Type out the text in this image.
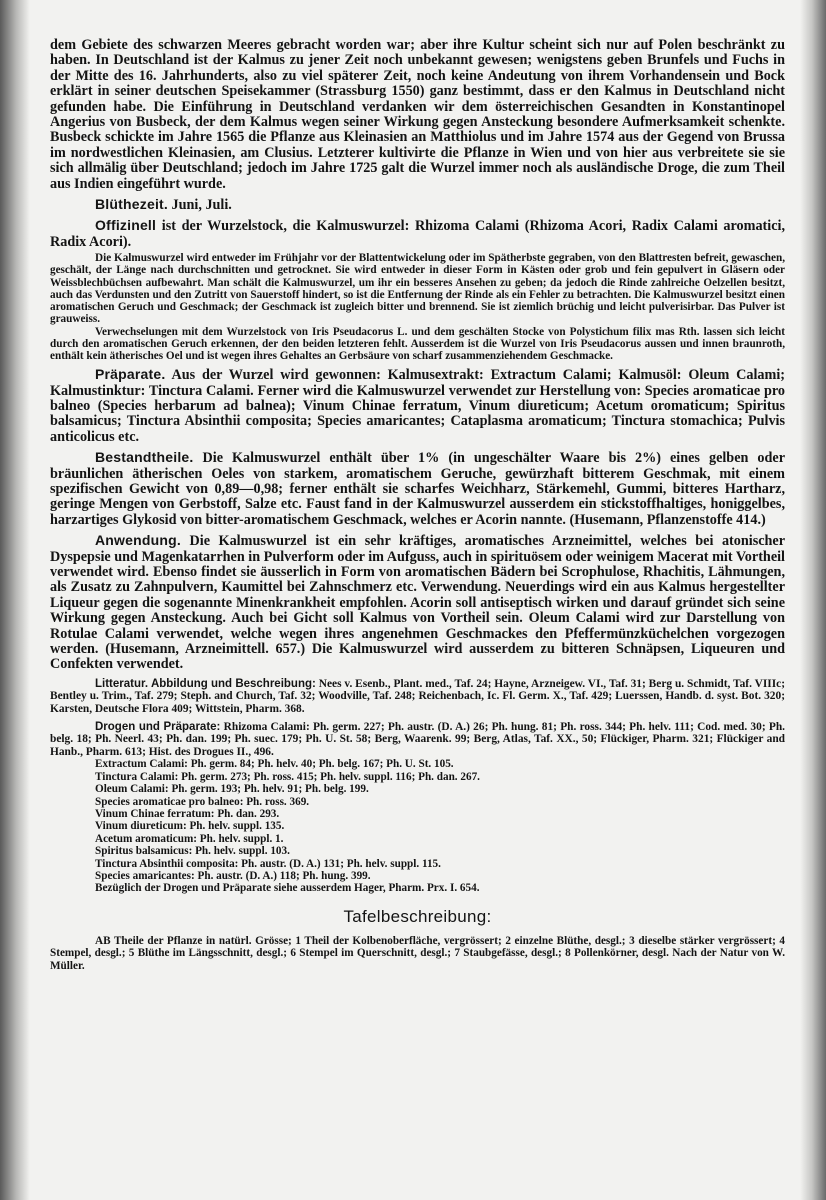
dem Gebiete des schwarzen Meeres gebracht worden war; aber ihre Kultur scheint sich nur auf Polen beschränkt zu haben. In Deutschland ist der Kalmus zu jener Zeit noch unbekannt gewesen; wenigstens geben Brunfels und Fuchs in der Mitte des 16. Jahrhunderts, also zu viel späterer Zeit, noch keine Andeutung von ihrem Vorhandensein und Bock erklärt in seiner deutschen Speisekammer (Strassburg 1550) ganz bestimmt, dass er den Kalmus in Deutschland nicht gefunden habe. Die Einführung in Deutschland verdanken wir dem österreichischen Gesandten in Konstantinopel Angerius von Busbeck, der dem Kalmus wegen seiner Wirkung gegen Ansteckung besondere Aufmerksamkeit schenkte. Busbeck schickte im Jahre 1565 die Pflanze aus Kleinasien an Matthiolus und im Jahre 1574 aus der Gegend von Brussa im nordwestlichen Kleinasien, am Clusius. Letzterer kultivirte die Pflanze in Wien und von hier aus verbreitete sie sie sich allmälig über Deutschland; jedoch im Jahre 1725 galt die Wurzel immer noch als ausländische Droge, die zum Theil aus Indien eingeführt wurde.

Blüthezeit. Juni, Juli.

Offizinell ist der Wurzelstock, die Kalmuswurzel: Rhizoma Calami (Rhizoma Acori, Radix Calami aromatici, Radix Acori).

Die Kalmuswurzel wird entweder im Frühjahr vor der Blattentwickelung oder im Spätherbste gegraben, von den Blattresten befreit, gewaschen, geschält, der Länge nach durchschnitten und getrocknet. Sie wird entweder in dieser Form in Kästen oder grob und fein gepulvert in Gläsern oder Weissblechbüchsen aufbewahrt. Man schält die Kalmuswurzel, um ihr ein besseres Ansehen zu geben; da jedoch die Rinde zahlreiche Oelzellen besitzt, auch das Verdunsten und den Zutritt von Sauerstoff hindert, so ist die Entfernung der Rinde als ein Fehler zu betrachten. Die Kalmuswurzel besitzt einen aromatischen Geruch und Geschmack; der Geschmack ist zugleich bitter und brennend. Sie ist ziemlich brüchig und leicht pulverisirbar. Das Pulver ist grauweiss.

Verwechselungen mit dem Wurzelstock von Iris Pseudacorus L. und dem geschälten Stocke von Polystichum filix mas Rth. lassen sich leicht durch den aromatischen Geruch erkennen, der den beiden letzteren fehlt. Ausserdem ist die Wurzel von Iris Pseudacorus aussen und innen braunroth, enthält kein ätherisches Oel und ist wegen ihres Gehaltes an Gerbsäure von scharf zusammenziehendem Geschmacke.

Präparate. Aus der Wurzel wird gewonnen: Kalmusextrakt: Extractum Calami; Kalmusöl: Oleum Calami; Kalmustinktur: Tinctura Calami. Ferner wird die Kalmuswurzel verwendet zur Herstellung von: Species aromaticae pro balneo (Species herbarum ad balnea); Vinum Chinae ferratum, Vinum diureticum; Acetum oromaticum; Spiritus balsamicus; Tinctura Absinthii composita; Species amaricantes; Cataplasma aromaticum; Tinctura stomachica; Pulvis anticolicus etc.

Bestandtheile. Die Kalmuswurzel enthält über 1% (in ungeschälter Waare bis 2%) eines gelben oder bräunlichen ätherischen Oeles von starkem, aromatischem Geruche, gewürzhaft bitterem Geschmak, mit einem spezifischen Gewicht von 0,89—0,98; ferner enthält sie scharfes Weichharz, Stärkemehl, Gummi, bitteres Hartharz, geringe Mengen von Gerbstoff, Salze etc. Faust fand in der Kalmuswurzel ausserdem ein stickstoffhaltiges, honiggelbes, harzartiges Glykosid von bitter-aromatischem Geschmack, welches er Acorin nannte. (Husemann, Pflanzenstoffe 414.)

Anwendung. Die Kalmuswurzel ist ein sehr kräftiges, aromatisches Arzneimittel, welches bei atonischer Dyspepsie und Magenkatarrhen in Pulverform oder im Aufguss, auch in spirituösem oder weinigem Macerat mit Vortheil verwendet wird. Ebenso findet sie äusserlich in Form von aromatischen Bädern bei Scrophulose, Rhachitis, Lähmungen, als Zusatz zu Zahnpulvern, Kaumittel bei Zahnschmerz etc. Verwendung. Neuerdings wird ein aus Kalmus hergestellter Liqueur gegen die sogenannte Minenkrankheit empfohlen. Acorin soll antiseptisch wirken und darauf gründet sich seine Wirkung gegen Ansteckung. Auch bei Gicht soll Kalmus von Vortheil sein. Oleum Calami wird zur Darstellung von Rotulae Calami verwendet, welche wegen ihres angenehmen Geschmackes den Pfeffermünzküchelchen vorgezogen werden. (Husemann, Arzneimittell. 657.) Die Kalmuswurzel wird ausserdem zu bitteren Schnäpsen, Liqueuren und Confekten verwendet.

Litteratur. Abbildung und Beschreibung: Nees v. Esenb., Plant. med., Taf. 24; Hayne, Arzneigew. VI., Taf. 31; Berg u. Schmidt, Taf. VIIIc; Bentley u. Trim., Taf. 279; Steph. and Church, Taf. 32; Woodville, Taf. 248; Reichenbach, Ic. Fl. Germ. X., Taf. 429; Luerssen, Handb. d. syst. Bot. 320; Karsten, Deutsche Flora 409; Wittstein, Pharm. 368.

Drogen und Präparate: Rhizoma Calami: Ph. germ. 227; Ph. austr. (D. A.) 26; Ph. hung. 81; Ph. ross. 344; Ph. helv. 111; Cod. med. 30; Ph. belg. 18; Ph. Neerl. 43; Ph. dan. 199; Ph. suec. 179; Ph. U. St. 58; Berg, Waarenk. 99; Berg, Atlas, Taf. XX., 50; Flückiger, Pharm. 321; Flückiger and Hanb., Pharm. 613; Hist. des Drogues II., 496.

Extractum Calami: Ph. germ. 84; Ph. helv. 40; Ph. belg. 167; Ph. U. St. 105.

Tinctura Calami: Ph. germ. 273; Ph. ross. 415; Ph. helv. suppl. 116; Ph. dan. 267.

Oleum Calami: Ph. germ. 193; Ph. helv. 91; Ph. belg. 199.

Species aromaticae pro balneo: Ph. ross. 369.

Vinum Chinae ferratum: Ph. dan. 293.

Vinum diureticum: Ph. helv. suppl. 135.

Acetum aromaticum: Ph. helv. suppl. 1.

Spiritus balsamicus: Ph. helv. suppl. 103.

Tinctura Absinthii composita: Ph. austr. (D. A.) 131; Ph. helv. suppl. 115.

Species amaricantes: Ph. austr. (D. A.) 118; Ph. hung. 399.

Bezüglich der Drogen und Präparate siehe ausserdem Hager, Pharm. Prx. I. 654.

Tafelbeschreibung:

AB Theile der Pflanze in natürl. Grösse; 1 Theil der Kolbenoberfläche, vergrössert; 2 einzelne Blüthe, desgl.; 3 dieselbe stärker vergrössert; 4 Stempel, desgl.; 5 Blüthe im Längsschnitt, desgl.; 6 Stempel im Querschnitt, desgl.; 7 Staubgefässe, desgl.; 8 Pollenkörner, desgl. Nach der Natur von W. Müller.
